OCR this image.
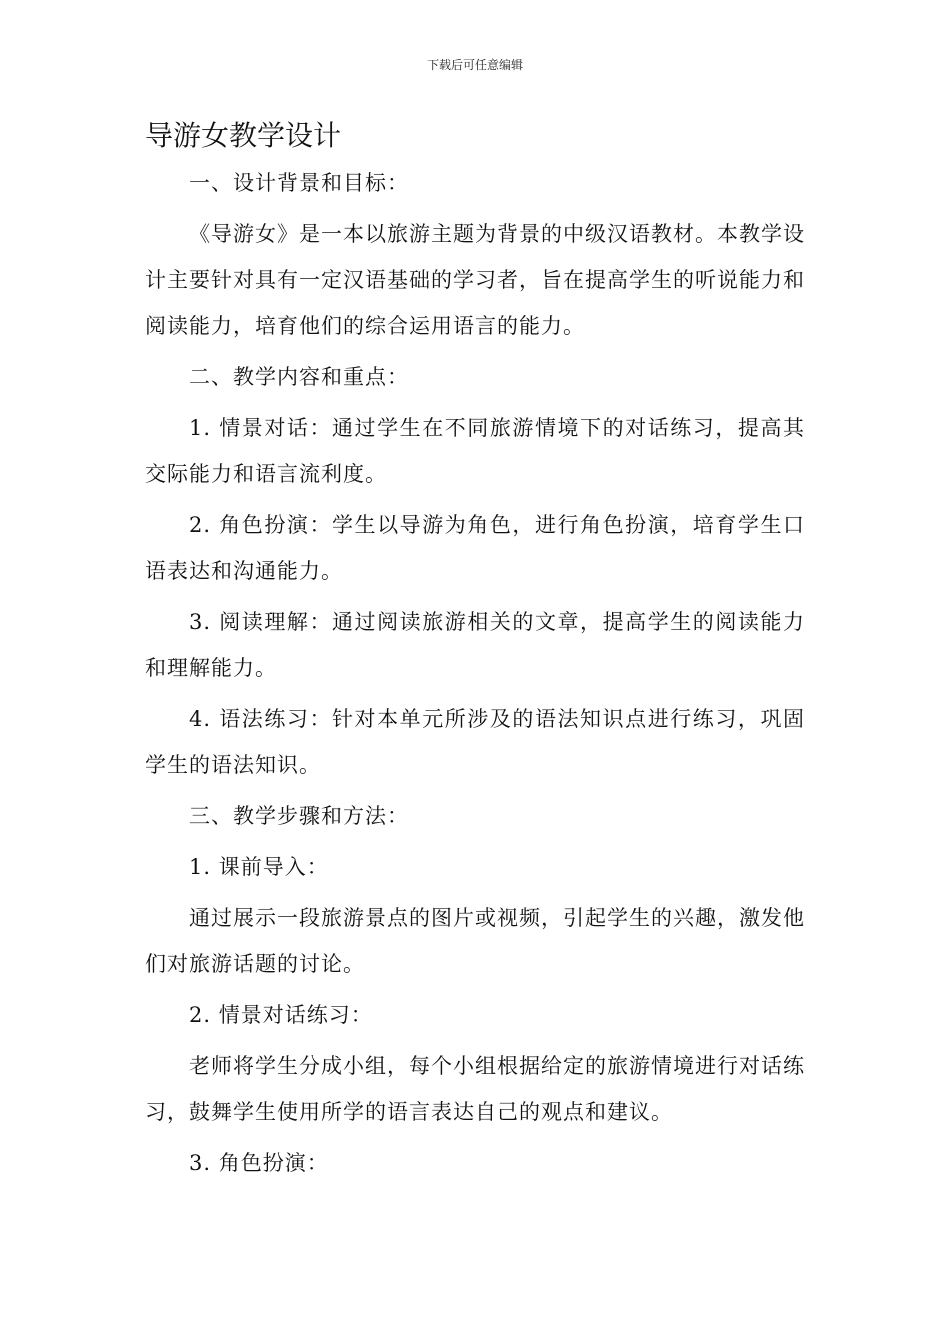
下载后可任意编辑
导游女教学设计

一、设计背景和目标：

《导游女》是一本以旅游主题为背景的中级汉语教材。本教学设计主要针对具有一定汉语基础的学习者，旨在提高学生的听说能力和阅读能力，培育他们的综合运用语言的能力。

二、教学内容和重点：

1. 情景对话：通过学生在不同旅游情境下的对话练习，提高其交际能力和语言流利度。

2. 角色扮演：学生以导游为角色，进行角色扮演，培育学生口语表达和沟通能力。

3. 阅读理解：通过阅读旅游相关的文章，提高学生的阅读能力和理解能力。

4. 语法练习：针对本单元所涉及的语法知识点进行练习，巩固学生的语法知识。

三、教学步骤和方法：

1. 课前导入：

通过展示一段旅游景点的图片或视频，引起学生的兴趣，激发他们对旅游话题的讨论。

2. 情景对话练习：

老师将学生分成小组，每个小组根据给定的旅游情境进行对话练习，鼓舞学生使用所学的语言表达自己的观点和建议。

3. 角色扮演：
